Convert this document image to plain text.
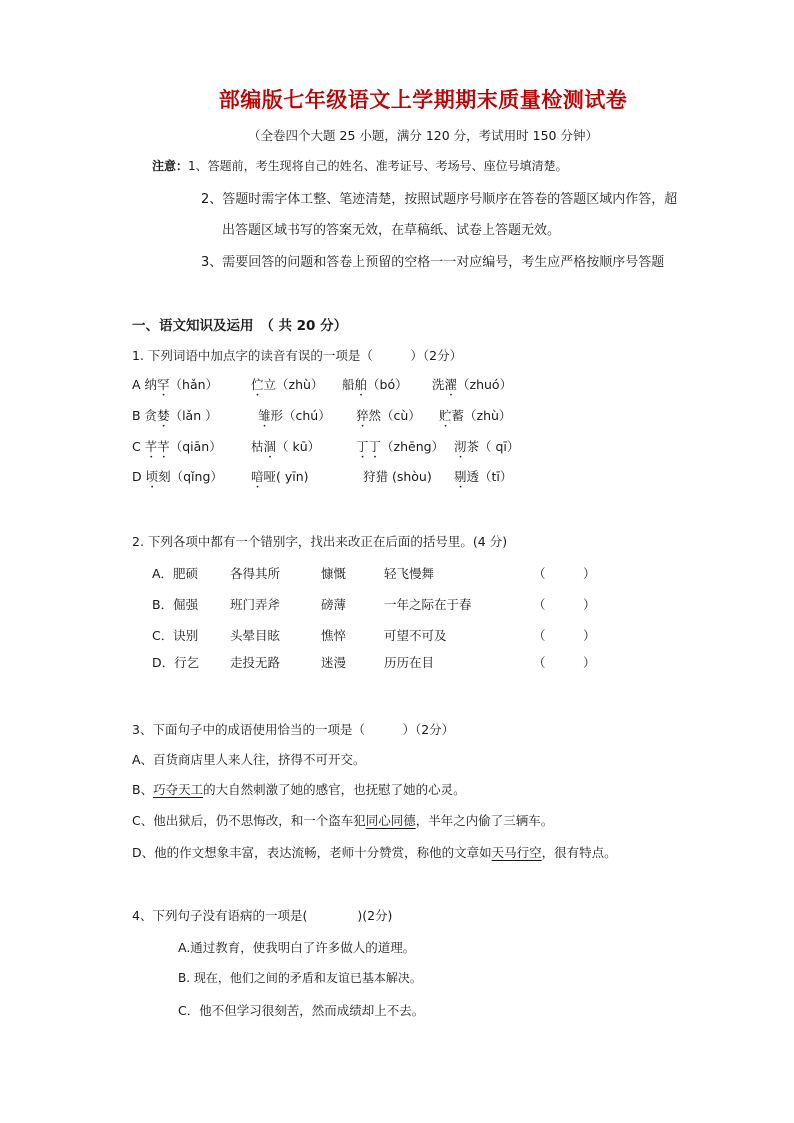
部编版七年级语文上学期期末质量检测试卷
（全卷四个大题 25 小题，满分 120 分，考试用时 150 分钟）
注意：1、答题前，考生现将自己的姓名、准考证号、考场号、座位号填清楚。
2、答题时需字体工整、笔迹清楚，按照试题序号顺序在答卷的答题区域内作答，超
出答题区域书写的答案无效，在草稿纸、试卷上答题无效。
3、需要回答的问题和答卷上预留的空格一一对应编号，考生应严格按顺序号答题
一、语文知识及运用　（ 共 20 分）
1. 下列词语中加点字的读音有误的一项是（　　　）（2分）
A 纳罕（hǎn）	伫立（zhù） 船舶（bó） 洗濯（zhuó）
B 贪婪（lǎn ）	雏形（chú） 猝然（cù） 贮蓄（zhù）
C 芊芊（qiān） 枯涸（ kū）	丁丁（zhēng） 沏茶（ qī）
D 顷刻（qǐng） 喑哑( yīn)	狩猎 (shòu) 剔透（tī）
2. 下列各项中都有一个错别字，找出来改正在后面的括号里。(4 分)
A．肥硕	各得其所	慷慨	轻飞慢舞	（　　　）
B．倔强	班门弄斧	磅薄	一年之际在于春	（　　　）
C．诀别	头晕目眩	憔悴	可望不可及	（　　　）
D．行乞 走投无路	迷漫	历历在目	（　　　）
3、下面句子中的成语使用恰当的一项是（　　　）（2分）
A、百货商店里人来人往，挤得不可开交。
B、巧夺天工的大自然刺激了她的感官，也抚慰了她的心灵。
C、他出狱后，仍不思悔改，和一个盗车犯同心同德，半年之内偷了三辆车。
D、他的作文想象丰富，表达流畅，老师十分赞赏，称他的文章如天马行空，很有特点。
4、下列句子没有语病的一项是(　　　　)(2分)
A.通过教育，使我明白了许多做人的道理。
B. 现在，他们之间的矛盾和友谊已基本解决。
C．他不但学习很刻苦，然而成绩却上不去。
